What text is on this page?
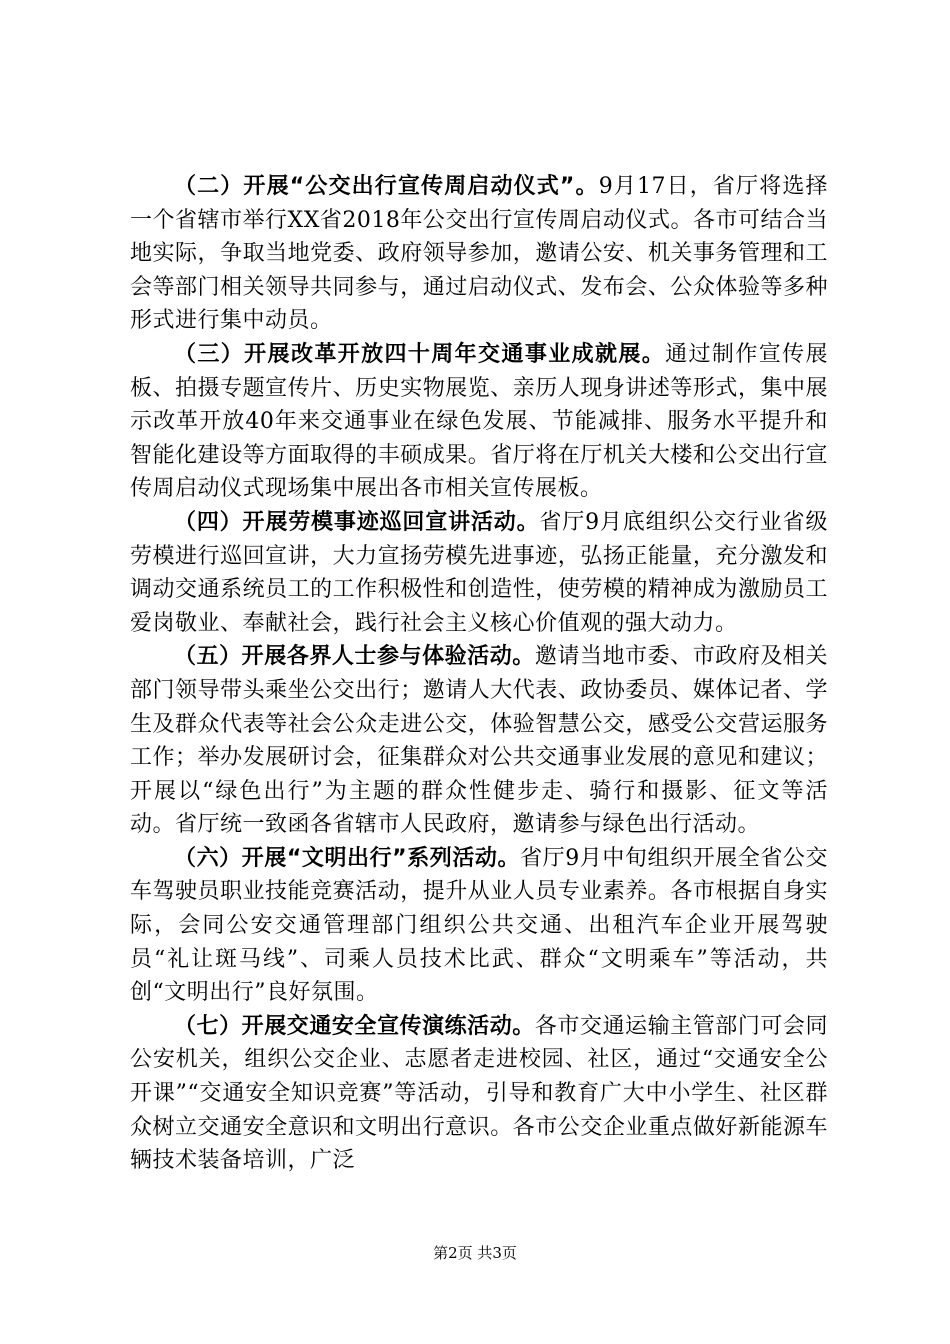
（二）开展“公交出行宣传周启动仪式”。9月17日，省厅将选择一个省辖市举行XX省2018年公交出行宣传周启动仪式。各市可结合当地实际，争取当地党委、政府领导参加，邀请公安、机关事务管理和工会等部门相关领导共同参与，通过启动仪式、发布会、公众体验等多种形式进行集中动员。

（三）开展改革开放四十周年交通事业成就展。通过制作宣传展板、拍摄专题宣传片、历史实物展览、亲历人现身讲述等形式，集中展示改革开放40年来交通事业在绿色发展、节能减排、服务水平提升和智能化建设等方面取得的丰硕成果。省厅将在厅机关大楼和公交出行宣传周启动仪式现场集中展出各市相关宣传展板。

（四）开展劳模事迹巡回宣讲活动。省厅9月底组织公交行业省级劳模进行巡回宣讲，大力宣扬劳模先进事迹，弘扬正能量，充分激发和调动交通系统员工的工作积极性和创造性，使劳模的精神成为激励员工爱岗敬业、奉献社会，践行社会主义核心价值观的强大动力。

（五）开展各界人士参与体验活动。邀请当地市委、市政府及相关部门领导带头乘坐公交出行；邀请人大代表、政协委员、媒体记者、学生及群众代表等社会公众走进公交，体验智慧公交，感受公交营运服务工作；举办发展研讨会，征集群众对公共交通事业发展的意见和建议；开展以“绿色出行”为主题的群众性健步走、骑行和摄影、征文等活动。省厅统一致函各省辖市人民政府，邀请参与绿色出行活动。

（六）开展“文明出行”系列活动。省厅9月中旬组织开展全省公交车驾驶员职业技能竞赛活动，提升从业人员专业素养。各市根据自身实际，会同公安交通管理部门组织公共交通、出租汽车企业开展驾驶员“礼让斑马线”、司乘人员技术比武、群众“文明乘车”等活动，共创“文明出行”良好氛围。

（七）开展交通安全宣传演练活动。各市交通运输主管部门可会同公安机关，组织公交企业、志愿者走进校园、社区，通过“交通安全公开课”“交通安全知识竞赛”等活动，引导和教育广大中小学生、社区群众树立交通安全意识和文明出行意识。各市公交企业重点做好新能源车辆技术装备培训，广泛

第2页 共3页
